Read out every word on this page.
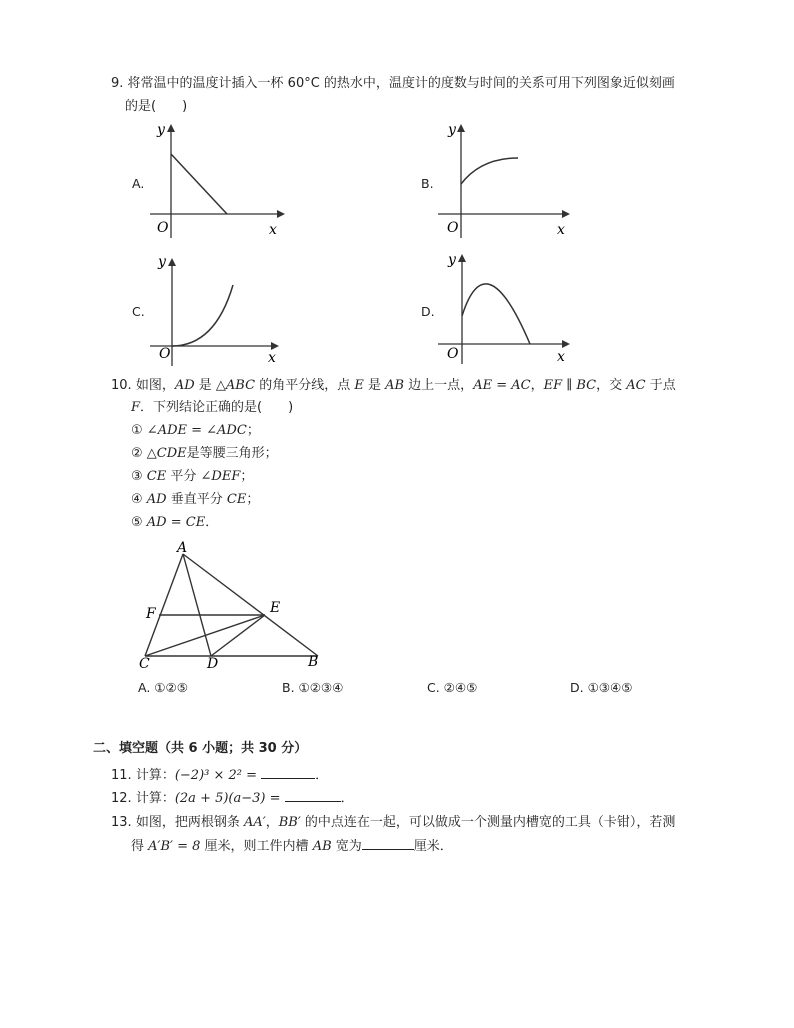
9. 将常温中的温度计插入一杯 60°C 的热水中，温度计的度数与时间的关系可用下列图象近似刻画
的是(　　)
A.	B.
C.	D.
y
x
O
y
x
O
y
x
O
y
x
O
10. 如图，AD 是 △ABC 的角平分线，点 E 是 AB 边上一点，AE = AC，EF ∥ BC，交 AC 于点
F．下列结论正确的是(　　)
① ∠ADE = ∠ADC；
② △CDE是等腰三角形；
③ CE 平分 ∠DEF；
④ AD 垂直平分 CE；
⑤ AD = CE．
A
F	E
C	D	B
A. ①②⑤	B. ①②③④	C. ②④⑤	D. ①③④⑤
二、填空题（共 6 小题；共 30 分）
11. 计算：(−2)³ × 2² =	．
12. 计算：(2a + 5)(a−3) =	．
13. 如图，把两根钢条 AA′，BB′ 的中点连在一起，可以做成一个测量内槽宽的工具（卡钳），若测
得 A′B′ = 8 厘米，则工件内槽 AB 宽为	厘米．
